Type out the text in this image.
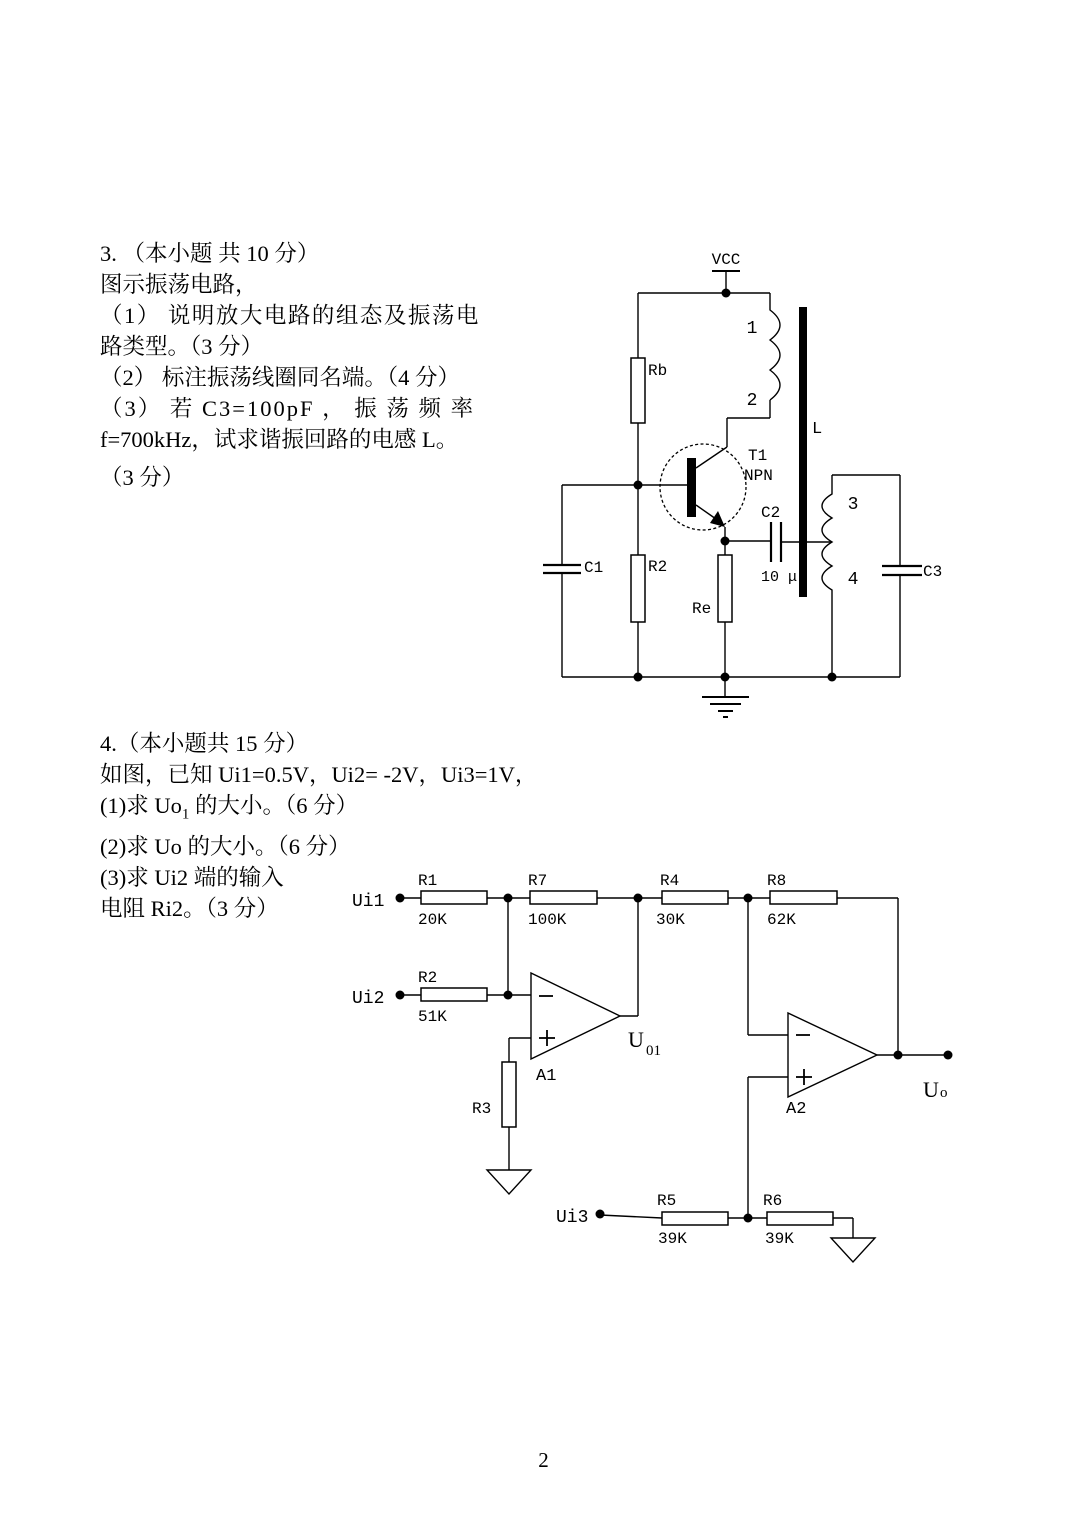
3. （本小题 共 10 分）
图示振荡电路，
（1） 说明放大电路的组态及振荡电
路类型。（3 分）
（2） 标注振荡线圈同名端。（4 分）
（3） 若 C3=100pF ， 振 荡 频 率
f=700kHz，试求谐振回路的电感 L。
（3 分）
VCC
Rb
R2
Re
C1
C2
10 μ	C3
T1
NPN
1
2
L
3
4
4.（本小题共 15 分）
如图，已知 Ui1=0.5V，Ui2= -2V，Ui3=1V，
(1)求 $Uo_1$ 的大小。（6 分）
(2)求 Uo 的大小。（6 分）
(3)求 Ui2 端的输入
电阻 Ri2。（3 分）	Ui1
Ui2
Ui3
R1
20K
R7
100K
R4
30K
R8
62K
R2
51K
R3
R5
39K
R6
39K
A1
A2
U 01
U o
2
